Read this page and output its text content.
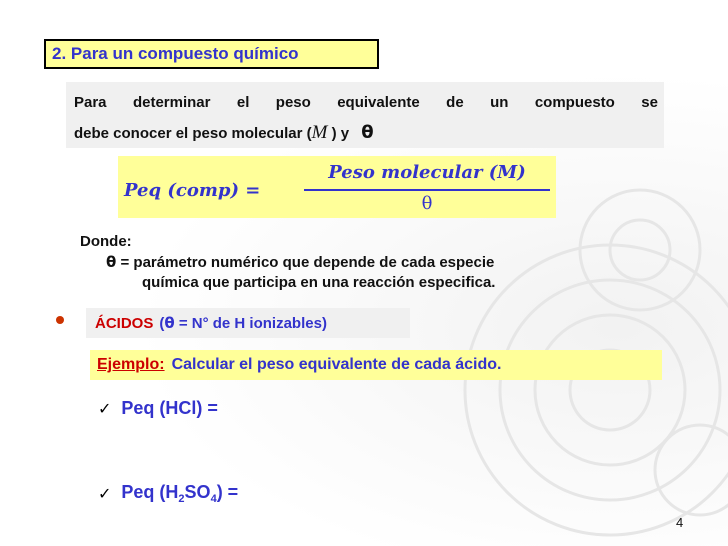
2. Para un compuesto químico
Para determinar el peso equivalente de un compuesto se
debe conocer el peso molecular (M ) y θ
Peq (comp) =
Peso molecular (M)
θ
Donde:
θ = parámetro numérico que depende de cada especie
química que participa en una reacción especifica.
ÁCIDOS (θ = N° de H ionizables)
Ejemplo: Calcular el peso equivalente de cada ácido.
✓ Peq (HCl) =
✓ Peq $(H_2SO_4)$ =
4
